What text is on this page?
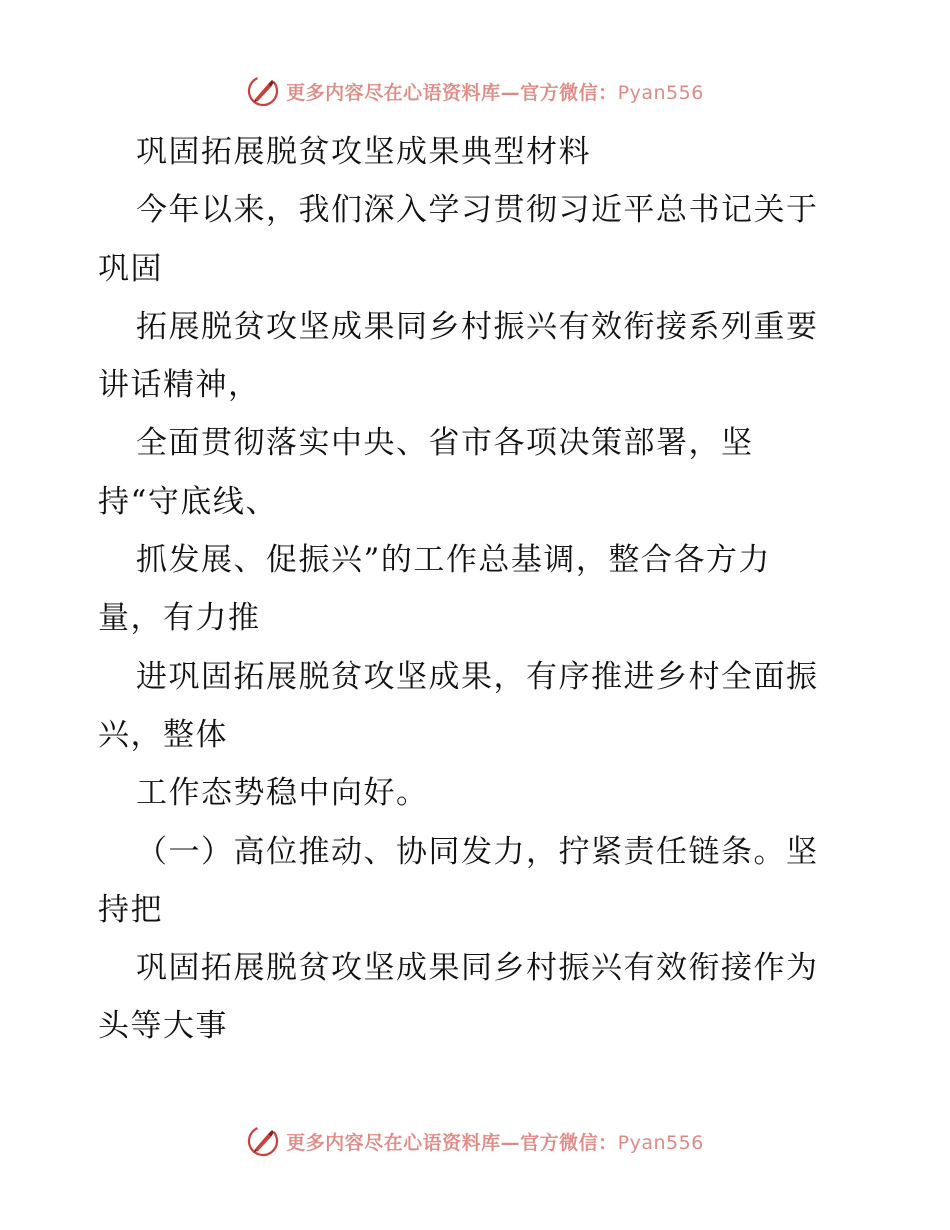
更多内容尽在心语资料库—官方微信：Pyan556
巩固拓展脱贫攻坚成果典型材料
今年以来，我们深入学习贯彻习近平总书记关于
巩固
拓展脱贫攻坚成果同乡村振兴有效衔接系列重要
讲话精神，
全面贯彻落实中央、省市各项决策部署，坚
持“守底线、
抓发展、促振兴”的工作总基调，整合各方力
量，有力推
进巩固拓展脱贫攻坚成果，有序推进乡村全面振
兴，整体
工作态势稳中向好。
（一）高位推动、协同发力，拧紧责任链条。坚
持把
巩固拓展脱贫攻坚成果同乡村振兴有效衔接作为
头等大事
更多内容尽在心语资料库—官方微信：Pyan556
